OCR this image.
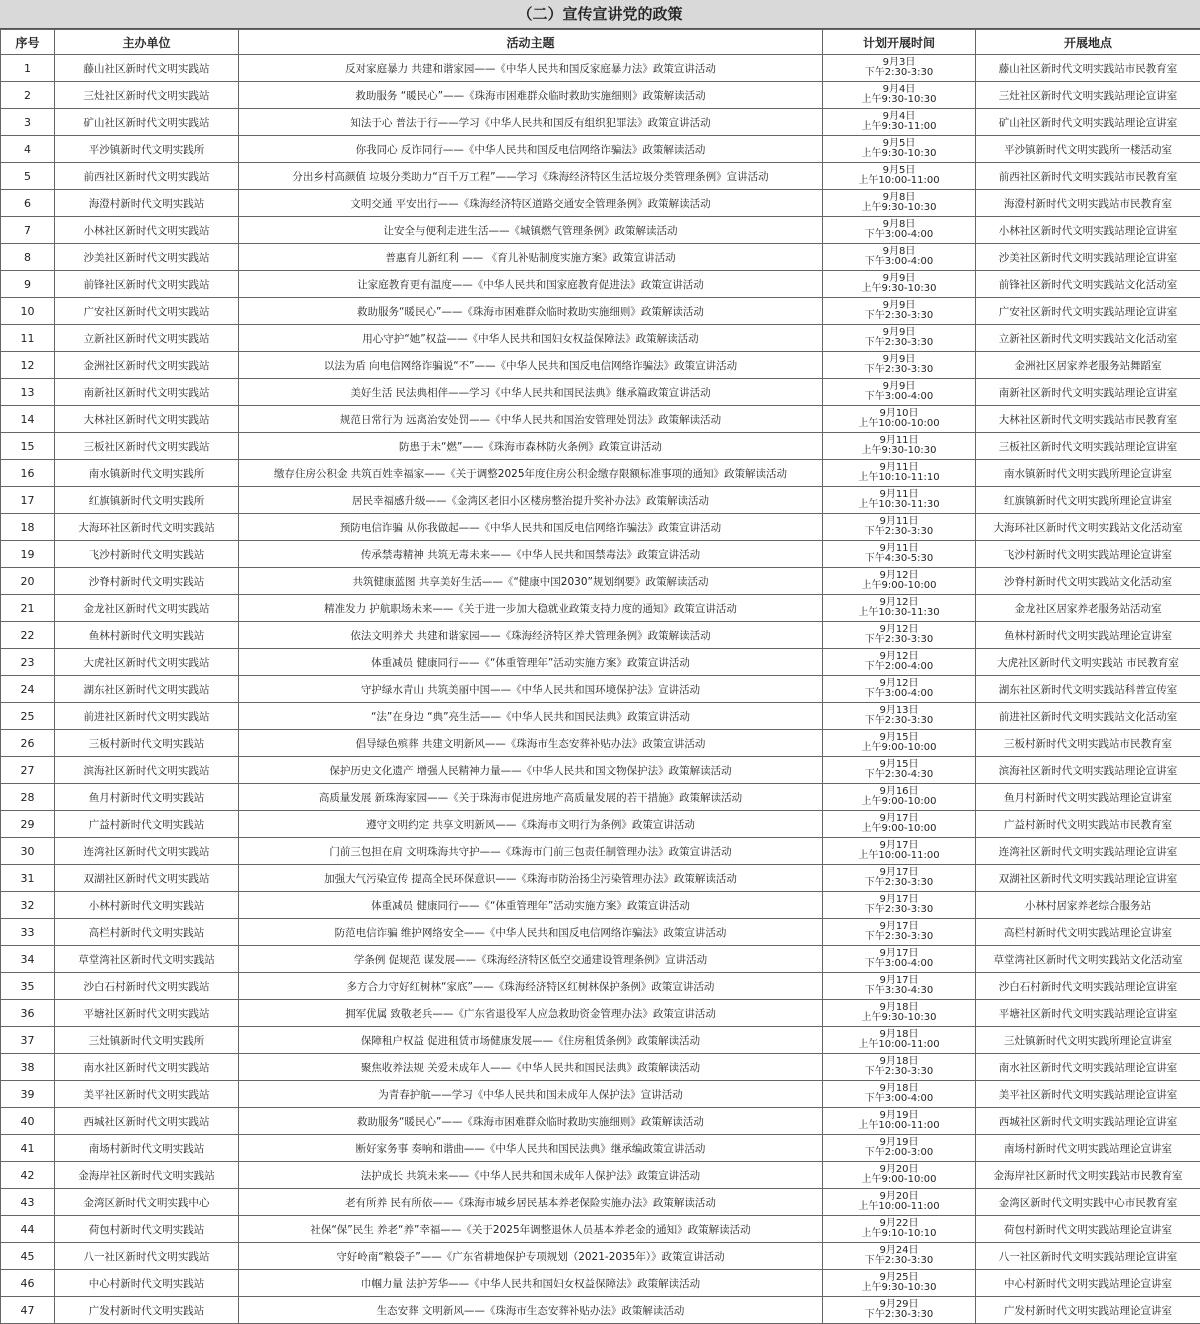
（二）宣传宣讲党的政策
序号	主办单位	活动主题	计划开展时间	开展地点
1	藤山社区新时代文明实践站	反对家庭暴力 共建和谐家园——《中华人民共和国反家庭暴力法》政策宣讲活动	9月3日
下午2:30-3:30	藤山社区新时代文明实践站市民教育室
2	三灶社区新时代文明实践站	救助服务 “暖民心”——《珠海市困难群众临时救助实施细则》政策解读活动	9月4日
上午9:30-10:30	三灶社区新时代文明实践站理论宣讲室
3	矿山社区新时代文明实践站	知法于心 普法于行——学习《中华人民共和国反有组织犯罪法》政策宣讲活动	9月4日
上午9:30-11:00	矿山社区新时代文明实践站理论宣讲室
4	平沙镇新时代文明实践所	你我同心 反诈同行——《中华人民共和国反电信网络诈骗法》政策解读活动	9月5日
上午9:30-10:30	平沙镇新时代文明实践所一楼活动室
5	前西社区新时代文明实践站	分出乡村高颜值 垃圾分类助力“百千万工程”——学习《珠海经济特区生活垃圾分类管理条例》宣讲活动	9月5日
上午10:00-11:00	前西社区新时代文明实践站市民教育室
6	海澄村新时代文明实践站	文明交通 平安出行——《珠海经济特区道路交通安全管理条例》政策解读活动	9月8日
上午9:30-10:30	海澄村新时代文明实践站市民教育室
7	小林社区新时代文明实践站	让安全与便利走进生活——《城镇燃气管理条例》政策解读活动	9月8日
下午3:00-4:00	小林社区新时代文明实践站理论宣讲室
8	沙美社区新时代文明实践站	普惠育儿新红利 —— 《育儿补贴制度实施方案》政策宣讲活动	9月8日
下午3:00-4:00	沙美社区新时代文明实践站理论宣讲室
9	前锋社区新时代文明实践站	让家庭教育更有温度——《中华人民共和国家庭教育促进法》政策宣讲活动	9月9日
上午9:30-10:30	前锋社区新时代文明实践站文化活动室
10	广安社区新时代文明实践站	救助服务“暖民心”——《珠海市困难群众临时救助实施细则》政策解读活动	9月9日
下午2:30-3:30	广安社区新时代文明实践站理论宣讲室
11	立新社区新时代文明实践站	用心守护“她”权益——《中华人民共和国妇女权益保障法》政策解读活动	9月9日
下午2:30-3:30	立新社区新时代文明实践站文化活动室
12	金洲社区新时代文明实践站	以法为盾 向电信网络诈骗说“不”——《中华人民共和国反电信网络诈骗法》政策宣讲活动	9月9日
下午2:30-3:30	金洲社区居家养老服务站舞蹈室
13	南新社区新时代文明实践站	美好生活 民法典相伴——学习《中华人民共和国民法典》继承篇政策宣讲活动	9月9日
下午3:00-4:00	南新社区新时代文明实践站理论宣讲室
14	大林社区新时代文明实践站	规范日常行为 远离治安处罚——《中华人民共和国治安管理处罚法》政策解读活动	9月10日
上午10:00-10:00	大林社区新时代文明实践站市民教育室
15	三板社区新时代文明实践站	防患于未“燃”——《珠海市森林防火条例》政策宣讲活动	9月11日
上午9:30-10:30	三板社区新时代文明实践站理论宣讲室
16	南水镇新时代文明实践所	缴存住房公积金 共筑百姓幸福家——《关于调整2025年度住房公积金缴存限额标准事项的通知》政策解读活动	9月11日
上午10:10-11:10	南水镇新时代文明实践所理论宣讲室
17	红旗镇新时代文明实践所	居民幸福感升级——《金湾区老旧小区楼房整治提升奖补办法》政策解读活动	9月11日
上午10:30-11:30	红旗镇新时代文明实践所理论宣讲室
18	大海环社区新时代文明实践站	预防电信诈骗 从你我做起——《中华人民共和国反电信网络诈骗法》政策宣讲活动	9月11日
下午2:30-3:30	大海环社区新时代文明实践站文化活动室
19	飞沙村新时代文明实践站	传承禁毒精神 共筑无毒未来——《中华人民共和国禁毒法》政策宣讲活动	9月11日
下午4:30-5:30	飞沙村新时代文明实践站理论宣讲室
20	沙脊村新时代文明实践站	共筑健康蓝图 共享美好生活——《“健康中国2030”规划纲要》政策解读活动	9月12日
上午9:00-10:00	沙脊村新时代文明实践站文化活动室
21	金龙社区新时代文明实践站	精准发力 护航职场未来——《关于进一步加大稳就业政策支持力度的通知》政策宣讲活动	9月12日
上午10:30-11:30	金龙社区居家养老服务站活动室
22	鱼林村新时代文明实践站	依法文明养犬 共建和谐家园——《珠海经济特区养犬管理条例》政策解读活动	9月12日
下午2:30-3:30	鱼林村新时代文明实践站理论宣讲室
23	大虎社区新时代文明实践站	体重减员 健康同行——《“体重管理年”活动实施方案》政策宣讲活动	9月12日
下午2:00-4:00	大虎社区新时代文明实践站 市民教育室
24	湖东社区新时代文明实践站	守护绿水青山 共筑美丽中国——《中华人民共和国环境保护法》宣讲活动	9月12日
下午3:00-4:00	湖东社区新时代文明实践站科普宣传室
25	前进社区新时代文明实践站	“法”在身边 “典”亮生活——《中华人民共和国民法典》政策宣讲活动	9月13日
下午2:30-3:30	前进社区新时代文明实践站文化活动室
26	三板村新时代文明实践站	倡导绿色殡葬 共建文明新风——《珠海市生态安葬补贴办法》政策宣讲活动	9月15日
上午9:00-10:00	三板村新时代文明实践站市民教育室
27	滨海社区新时代文明实践站	保护历史文化遗产 增强人民精神力量——《中华人民共和国文物保护法》政策解读活动	9月15日
下午2:30-4:30	滨海社区新时代文明实践站理论宣讲室
28	鱼月村新时代文明实践站	高质量发展 新珠海家园——《关于珠海市促进房地产高质量发展的若干措施》政策解读活动	9月16日
上午9:00-10:00	鱼月村新时代文明实践站理论宣讲室
29	广益村新时代文明实践站	遵守文明约定 共享文明新风——《珠海市文明行为条例》政策宣讲活动	9月17日
上午9:00-10:00	广益村新时代文明实践站市民教育室
30	连湾社区新时代文明实践站	门前三包担在肩 文明珠海共守护——《珠海市门前三包责任制管理办法》政策宣讲活动	9月17日
上午10:00-11:00	连湾社区新时代文明实践站理论宣讲室
31	双湖社区新时代文明实践站	加强大气污染宣传 提高全民环保意识——《珠海市防治扬尘污染管理办法》政策解读活动	9月17日
下午2:30-3:30	双湖社区新时代文明实践站理论宣讲室
32	小林村新时代文明实践站	体重减员 健康同行——《“体重管理年”活动实施方案》政策宣讲活动	9月17日
下午2:30-3:30	小林村居家养老综合服务站
33	高栏村新时代文明实践站	防范电信诈骗 维护网络安全——《中华人民共和国反电信网络诈骗法》政策宣讲活动	9月17日
下午2:30-3:30	高栏村新时代文明实践站理论宣讲室
34	草堂湾社区新时代文明实践站	学条例 促规范 谋发展——《珠海经济特区低空交通建设管理条例》宣讲活动	9月17日
下午3:00-4:00	草堂湾社区新时代文明实践站文化活动室
35	沙白石村新时代文明实践站	多方合力守好红树林“家底”——《珠海经济特区红树林保护条例》政策宣讲活动	9月17日
下午3:30-4:30	沙白石村新时代文明实践站理论宣讲室
36	平塘社区新时代文明实践站	拥军优属 致敬老兵——《广东省退役军人应急救助资金管理办法》政策宣讲活动	9月18日
上午9:30-10:30	平塘社区新时代文明实践站理论宣讲室
37	三灶镇新时代文明实践所	保障租户权益 促进租赁市场健康发展——《住房租赁条例》政策解读活动	9月18日
上午10:00-11:00	三灶镇新时代文明实践所理论宣讲室
38	南水社区新时代文明实践站	聚焦收养法规 关爱未成年人——《中华人民共和国民法典》政策解读活动	9月18日
下午2:30-3:30	南水社区新时代文明实践站理论宣讲室
39	美平社区新时代文明实践站	为青春护航——学习《中华人民共和国未成年人保护法》宣讲活动	9月18日
下午3:00-4:00	美平社区新时代文明实践站理论宣讲室
40	西城社区新时代文明实践站	救助服务“暖民心”——《珠海市困难群众临时救助实施细则》政策解读活动	9月19日
上午10:00-11:00	西城社区新时代文明实践站理论宣讲室
41	南场村新时代文明实践站	断好家务事 奏响和谐曲——《中华人民共和国民法典》继承编政策宣讲活动	9月19日
下午2:00-3:00	南场村新时代文明实践站理论宣讲室
42	金海岸社区新时代文明实践站	法护成长 共筑未来——《中华人民共和国未成年人保护法》政策宣讲活动	9月20日
上午9:00-10:00	金海岸社区新时代文明实践站市民教育室
43	金湾区新时代文明实践中心	老有所养 民有所依——《珠海市城乡居民基本养老保险实施办法》政策解读活动	9月20日
上午10:00-11:00	金湾区新时代文明实践中心市民教育室
44	荷包村新时代文明实践站	社保“保”民生 养老“养”幸福——《关于2025年调整退休人员基本养老金的通知》政策解读活动	9月22日
上午9:10-10:10	荷包村新时代文明实践站理论宣讲室
45	八一社区新时代文明实践站	守好岭南“粮袋子”——《广东省耕地保护专项规划（2021-2035年）》政策宣讲活动	9月24日
下午2:30-3:30	八一社区新时代文明实践站理论宣讲室
46	中心村新时代文明实践站	巾帼力量 法护芳华——《中华人民共和国妇女权益保障法》政策解读活动	9月25日
上午9:30-10:30	中心村新时代文明实践站理论宣讲室
47	广发村新时代文明实践站	生态安葬 文明新风——《珠海市生态安葬补贴办法》政策解读活动	9月29日
下午2:30-3:30	广发村新时代文明实践站理论宣讲室
